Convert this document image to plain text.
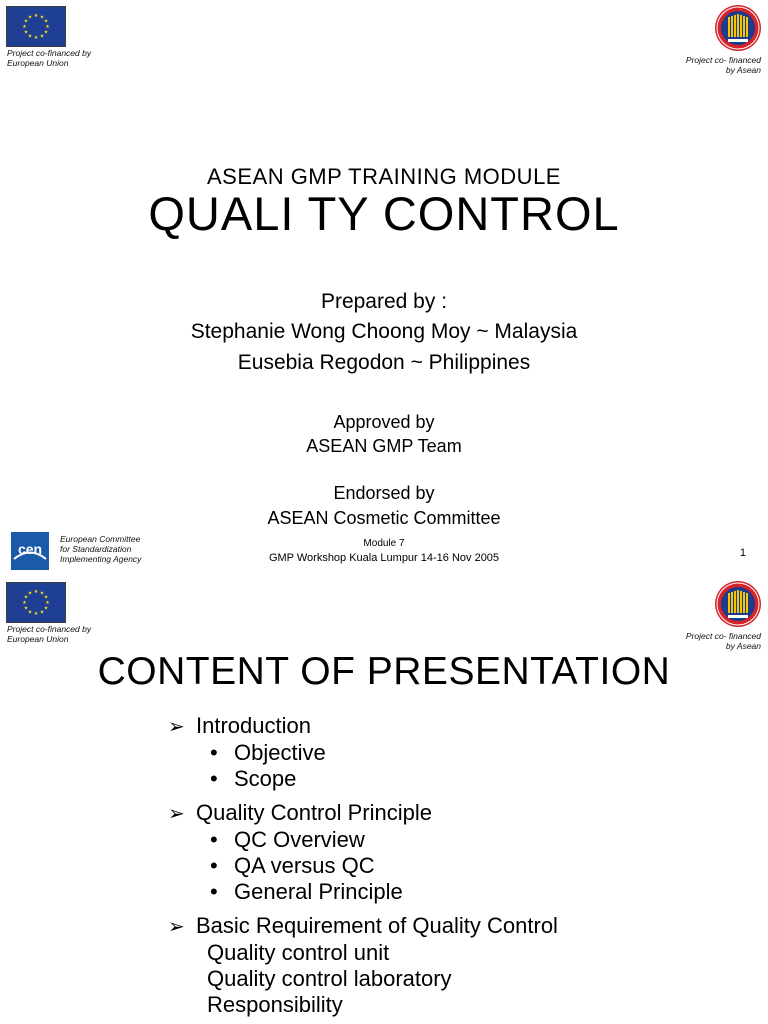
★ ★
★
★
★
★
★
★
★
★
★
★
Project co-financed by
European Union	Project co- financed
by Asean
ASEAN GMP TRAINING MODULE
QUALI TY CONTROL
Prepared by :
Stephanie Wong Choong Moy ~ Malaysia
Eusebia Regodon ~ Philippines
Approved by
ASEAN GMP Team
Endorsed by
ASEAN Cosmetic Committee
cen
European Committee
for Standardization
Implementing Agency
Module 7
GMP Workshop Kuala Lumpur 14-16 Nov 2005	1
★ ★
★
★
★
★
★
★
★
★
★
★
Project co-financed by
European Union	Project co- financed
by Asean
CONTENT OF PRESENTATION
➢ Introduction
• Objective
• Scope
➢ Quality Control Principle
• QC Overview
• QA versus QC
• General Principle
➢ Basic Requirement of Quality Control
Quality control unit
Quality control laboratory
Responsibility
